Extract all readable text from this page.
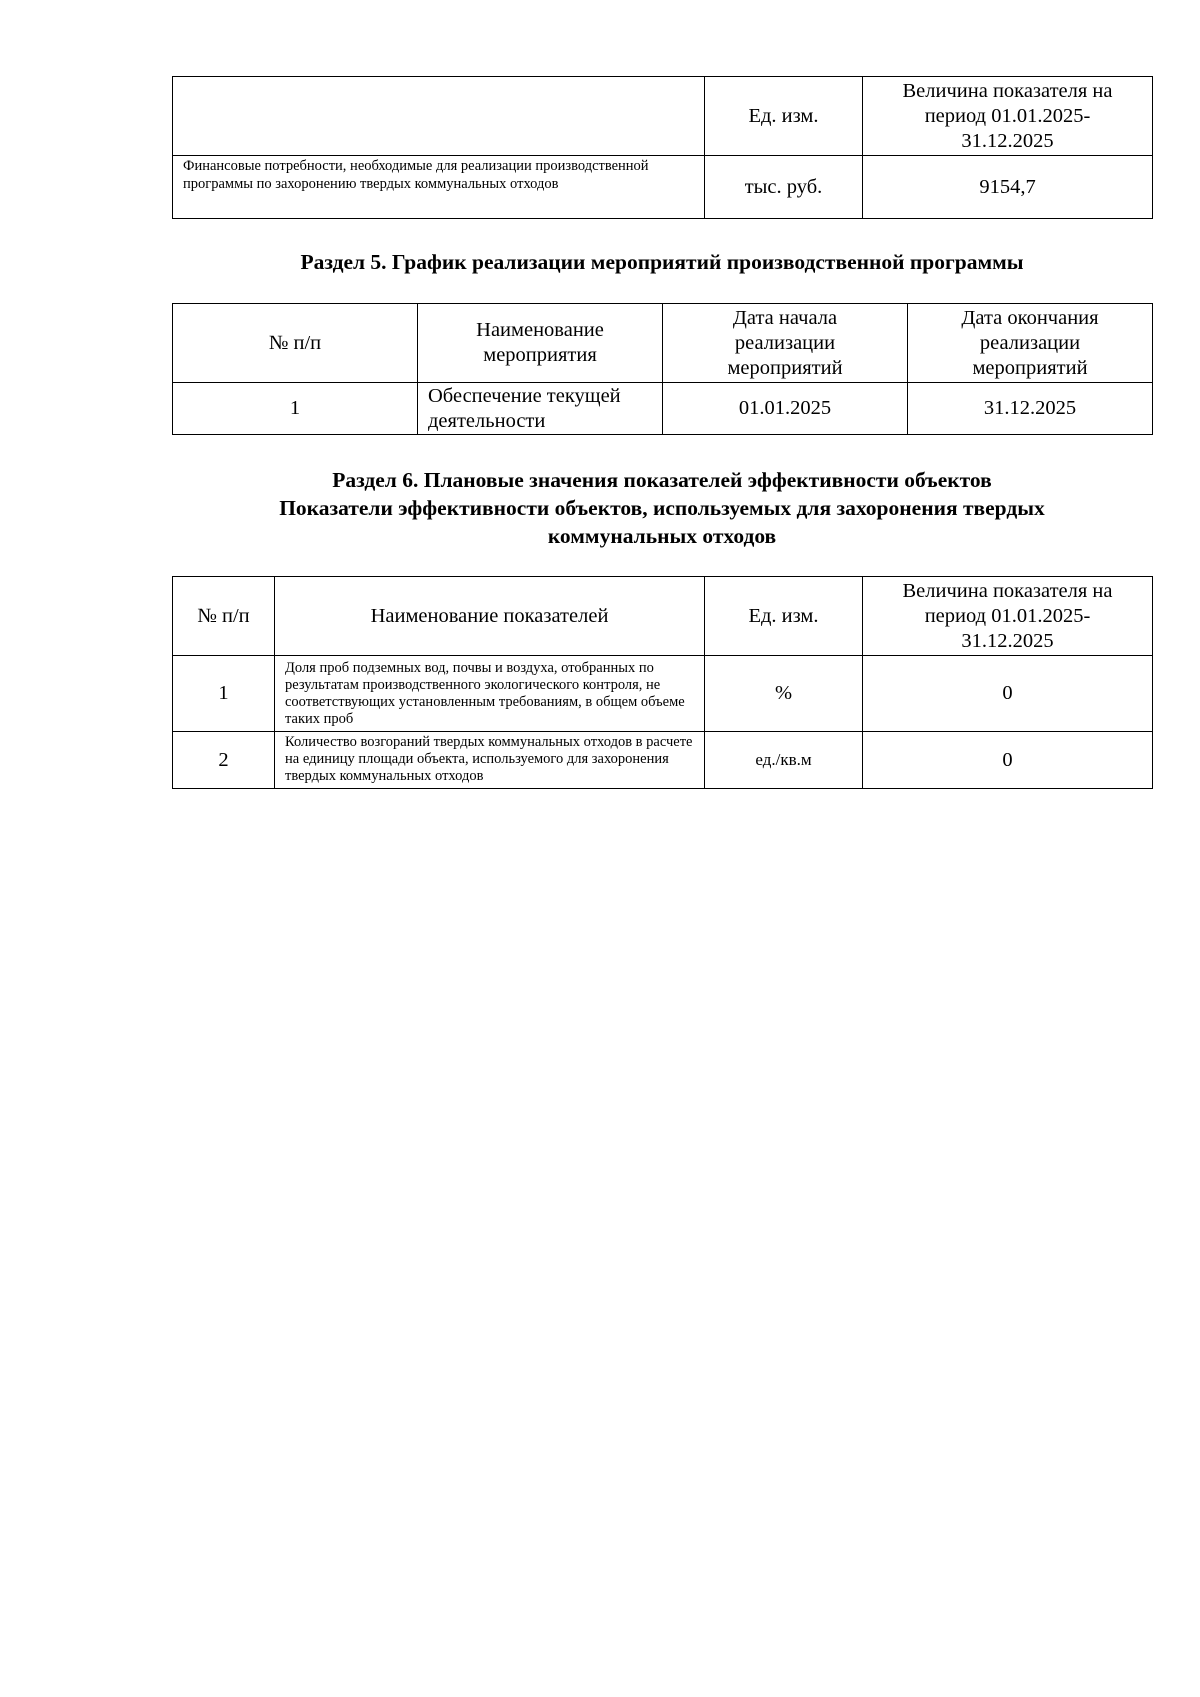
	Ед. изм.	Величина показателя на период 01.01.2025-31.12.2025
Финансовые потребности, необходимые для реализации производственной программы по захоронению твердых коммунальных отходов	тыс. руб.	9154,7

Раздел 5. График реализации мероприятий производственной программы

№ п/п	Наименование мероприятия	Дата начала реализации мероприятий	Дата окончания реализации мероприятий
1	Обеспечение текущей деятельности	01.01.2025	31.12.2025
Раздел 6. Плановые значения показателей эффективности объектов
Показатели эффективности объектов, используемых для захоронения твердых коммунальных отходов
№ п/п	Наименование показателей	Ед. изм.	Величина показателя на период 01.01.2025-31.12.2025
1	Доля проб подземных вод, почвы и воздуха, отобранных по результатам производственного экологического контроля, не соответствующих установленным требованиям, в общем объеме таких проб	%	0
2	Количество возгораний твердых коммунальных отходов в расчете на единицу площади объекта, используемого для захоронения твердых коммунальных отходов	ед./кв.м	0
